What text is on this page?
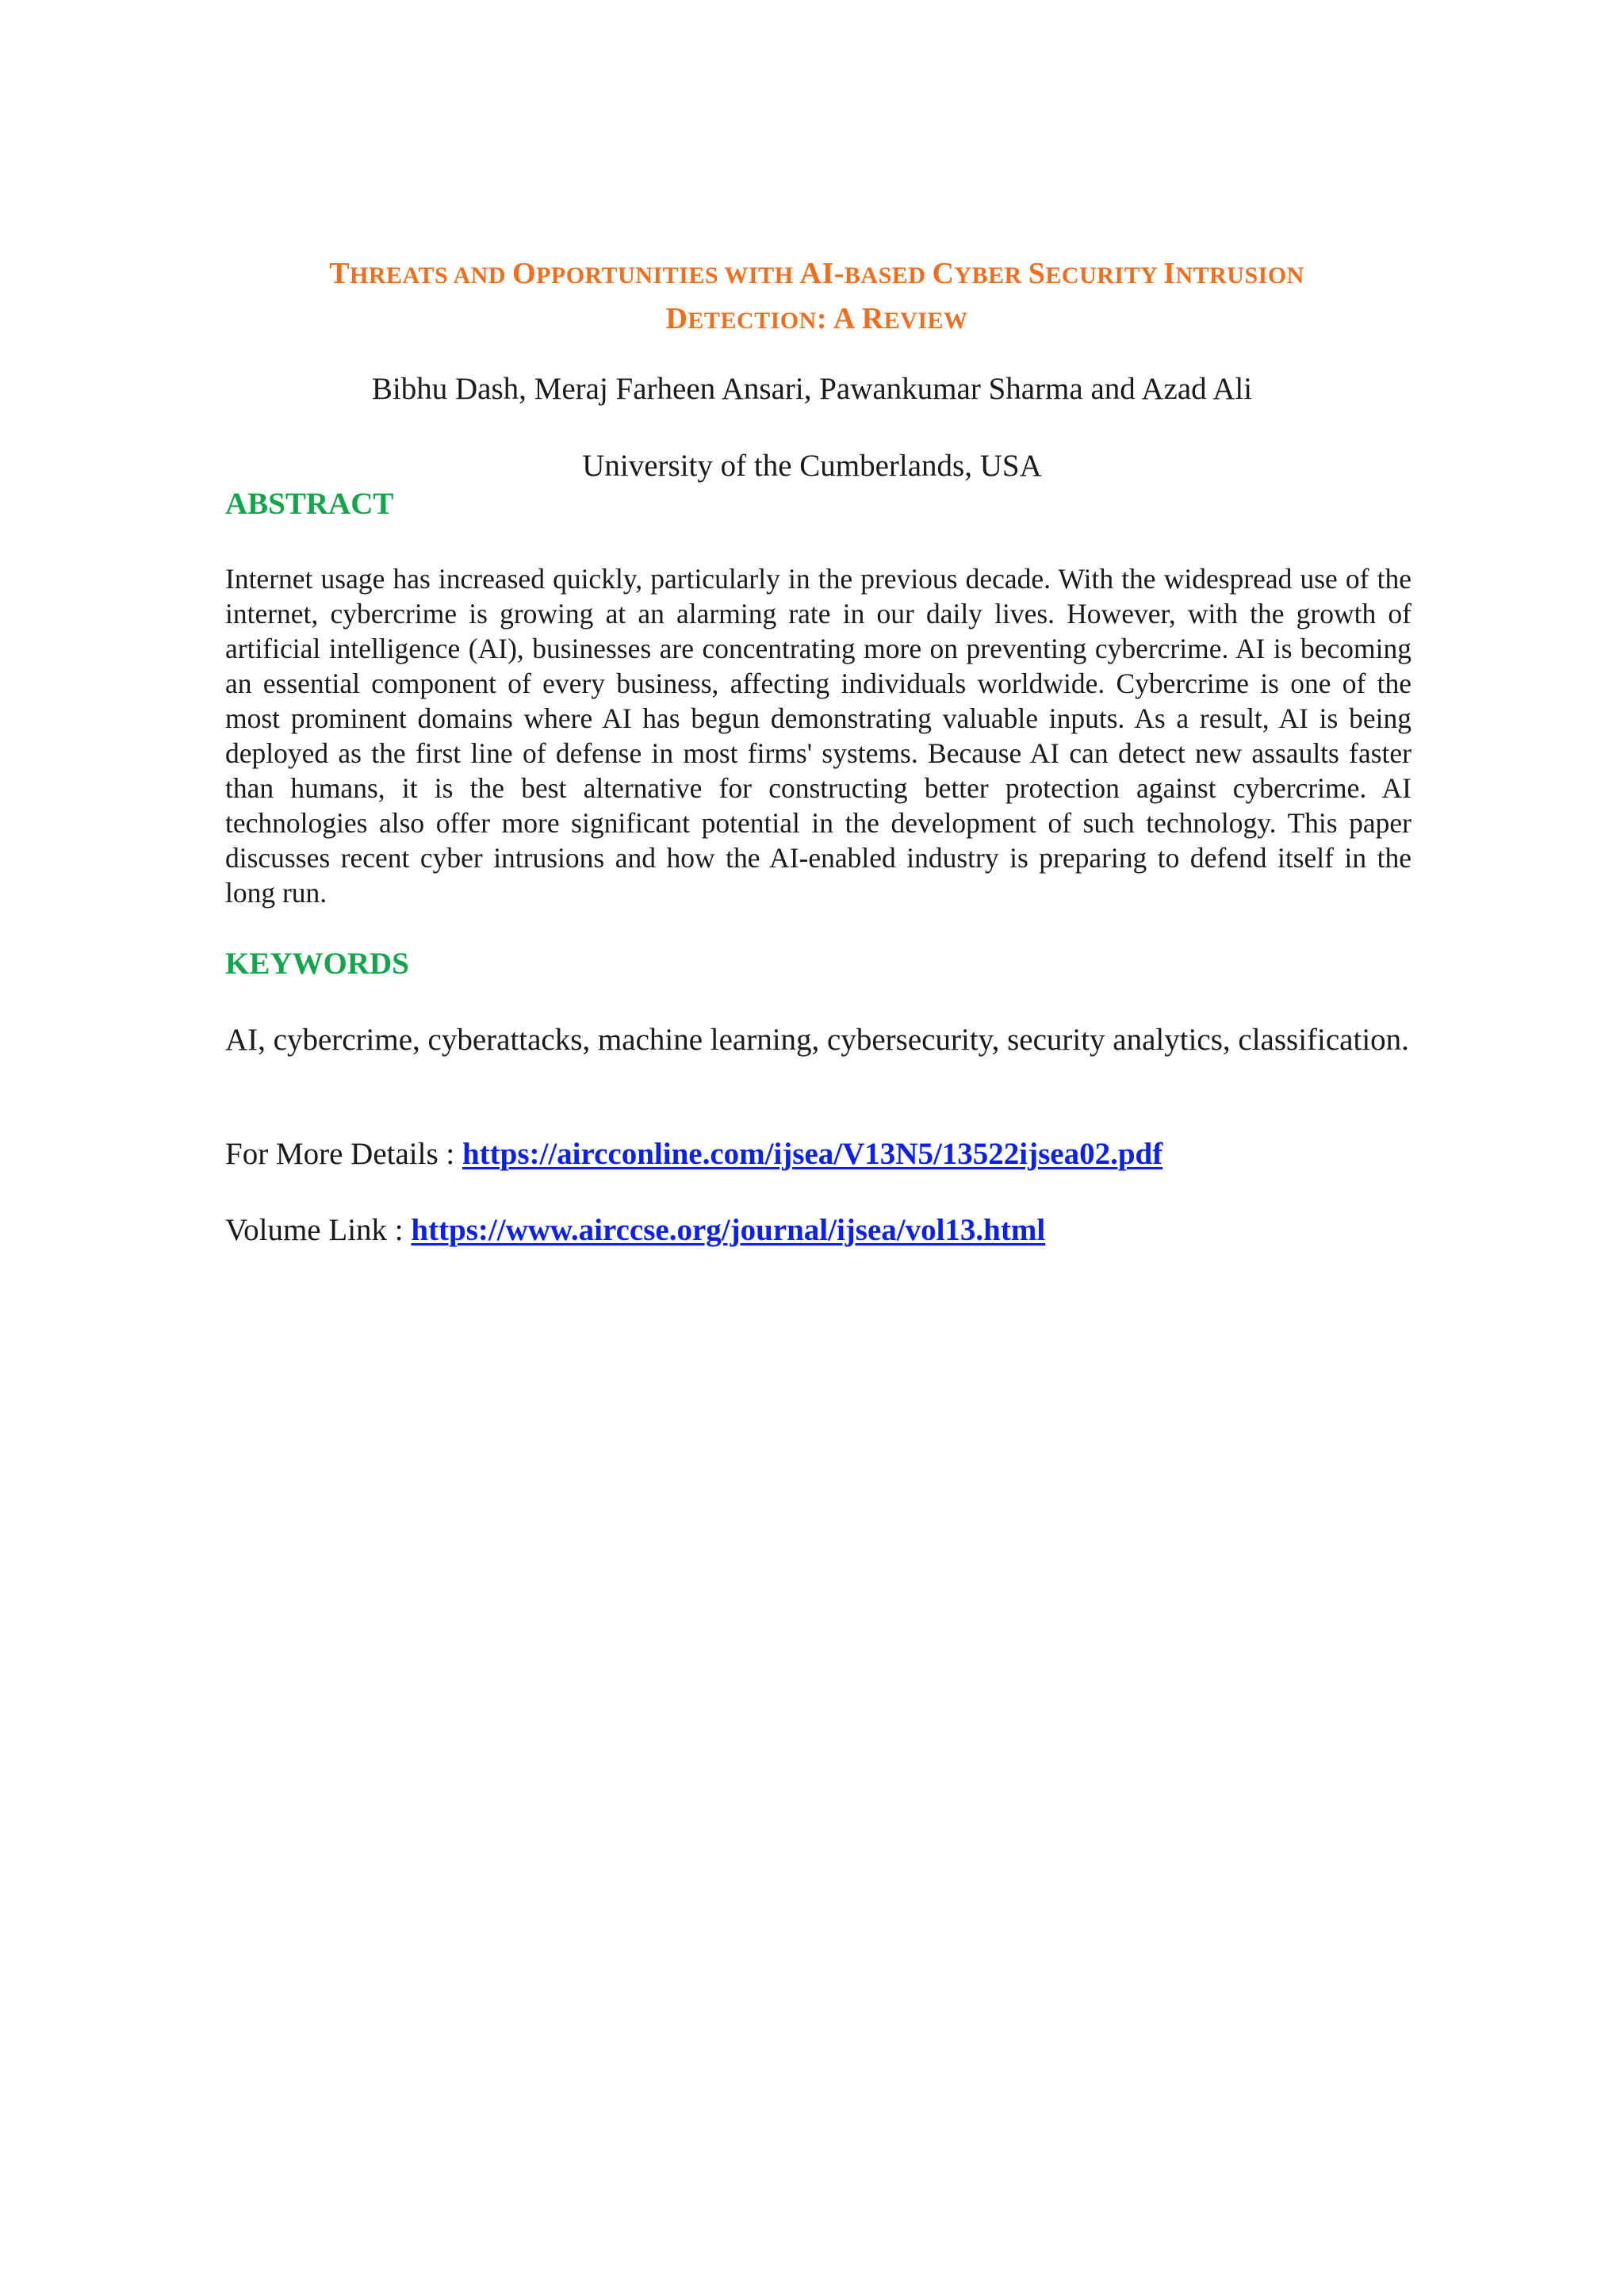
THREATS AND OPPORTUNITIES WITH AI-BASED CYBER SECURITY INTRUSION
DETECTION: A REVIEW
Bibhu Dash, Meraj Farheen Ansari, Pawankumar Sharma and Azad Ali
University of the Cumberlands, USA
ABSTRACT

Internet usage has increased quickly, particularly in the previous decade. With the widespread use of the internet, cybercrime is growing at an alarming rate in our daily lives. However, with the growth of artificial intelligence (AI), businesses are concentrating more on preventing cybercrime. AI is becoming an essential component of every business, affecting individuals worldwide. Cybercrime is one of the most prominent domains where AI has begun demonstrating valuable inputs. As a result, AI is being deployed as the first line of defense in most firms' systems. Because AI can detect new assaults faster than humans, it is the best alternative for constructing better protection against cybercrime. AI technologies also offer more significant potential in the development of such technology. This paper discusses recent cyber intrusions and how the AI-enabled industry is preparing to defend itself in the long run.

KEYWORDS

AI, cybercrime, cyberattacks, machine learning, cybersecurity, security analytics, classification.

For More Details : https://aircconline.com/ijsea/V13N5/13522ijsea02.pdf

Volume Link : https://www.airccse.org/journal/ijsea/vol13.html
